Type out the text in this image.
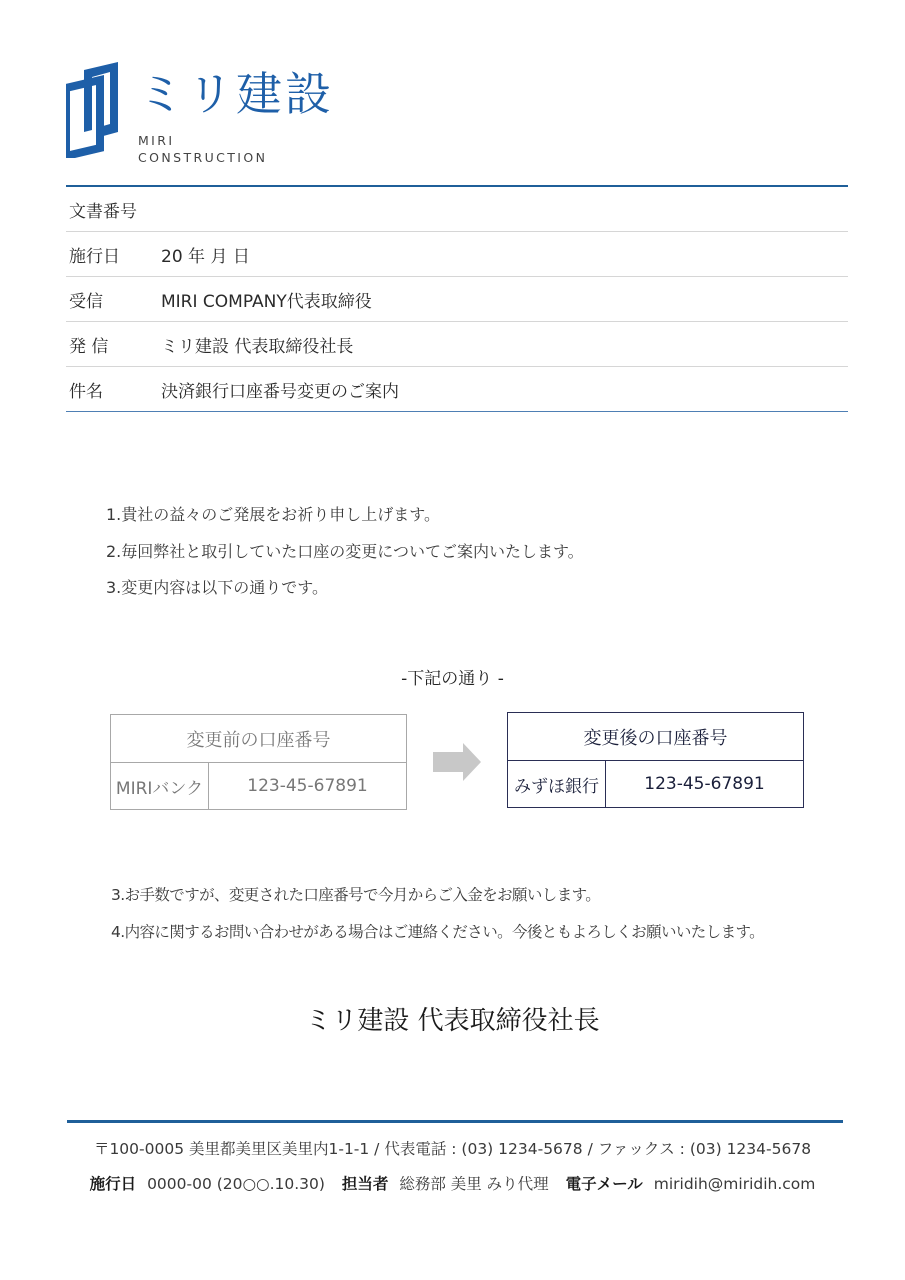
ミリ建設
MIRI
CONSTRUCTION
文書番号
施行日	20 年 月 日
受信	MIRI COMPANY代表取締役
発 信	ミリ建設 代表取締役社長
件名	決済銀行口座番号変更のご案内
1.貴社の益々のご発展をお祈り申し上げます。
2.毎回弊社と取引していた口座の変更についてご案内いたします。
3.変更内容は以下の通りです。
-下記の通り -
変更前の口座番号
MIRIバンク	123-45-67891
変更後の口座番号
みずほ銀行	123-45-67891
3.お手数ですが、変更された口座番号で今月からご入金をお願いします。
4.内容に関するお問い合わせがある場合はご連絡ください。今後ともよろしくお願いいたします。
ミリ建設 代表取締役社長
〒100-0005 美里都美里区美里内1-1-1 / 代表電話 : (03) 1234-5678 / ファックス : (03) 1234-5678
施行日 0000-00 (20○○.10.30) 担当者 総務部 美里 みり代理 電子メール miridih@miridih.com
